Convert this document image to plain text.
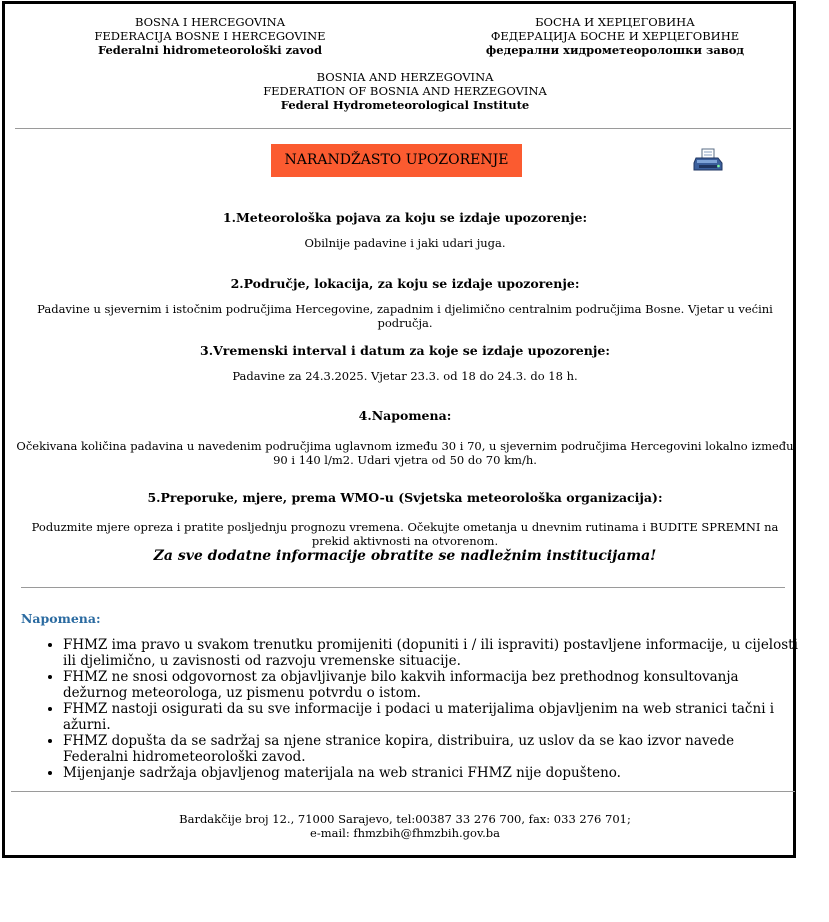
BOSNA I HERCEGOVINA
FEDERACIJA BOSNE I HERCEGOVINE
Federalni hidrometeorološki zavod
БОСНА И ХЕРЦЕГОВИНА
ФЕДЕРАЦИЈА БОСНЕ И ХЕРЦЕГОВИНЕ
федерални хидрометеоролошки завод
BOSNIA AND HERZEGOVINA
FEDERATION OF BOSNIA AND HERZEGOVINA
Federal Hydrometeorological Institute
NARANDŽASTO UPOZORENJE
1.Meteorološka pojava za koju se izdaje upozorenje:
Obilnije padavine i jaki udari juga.
2.Područje, lokacija, za koju se izdaje upozorenje:
Padavine u sjevernim i istočnim područjima Hercegovine, zapadnim i djelimično centralnim područjima Bosne. Vjetar u većini područja.
3.Vremenski interval i datum za koje se izdaje upozorenje:
Padavine za 24.3.2025. Vjetar 23.3. od 18 do 24.3. do 18 h.
4.Napomena:
Očekivana količina padavina u navedenim područjima uglavnom između 30 i 70, u sjevernim područjima Hercegovini lokalno između 90 i 140 l/m2. Udari vjetra od 50 do 70 km/h.
5.Preporuke, mjere, prema WMO-u (Svjetska meteorološka organizacija):
Poduzmite mjere opreza i pratite posljednju prognozu vremena. Očekujte ometanja u dnevnim rutinama i BUDITE SPREMNI na prekid aktivnosti na otvorenom.
Za sve dodatne informacije obratite se nadležnim institucijama!
Napomena:
• FHMZ ima pravo u svakom trenutku promijeniti (dopuniti i / ili ispraviti) postavljene informacije, u cijelosti ili djelimično, u zavisnosti od razvoju vremenske situacije.
• FHMZ ne snosi odgovornost za objavljivanje bilo kakvih informacija bez prethodnog konsultovanja dežurnog meteorologa, uz pismenu potvrdu o istom.
• FHMZ nastoji osigurati da su sve informacije i podaci u materijalima objavljenim na web stranici tačni i ažurni.
• FHMZ dopušta da se sadržaj sa njene stranice kopira, distribuira, uz uslov da se kao izvor navede Federalni hidrometeorološki zavod.
• Mijenjanje sadržaja objavljenog materijala na web stranici FHMZ nije dopušteno.
Bardakčije broj 12., 71000 Sarajevo, tel:00387 33 276 700, fax: 033 276 701;
e-mail: fhmzbih@fhmzbih.gov.ba
